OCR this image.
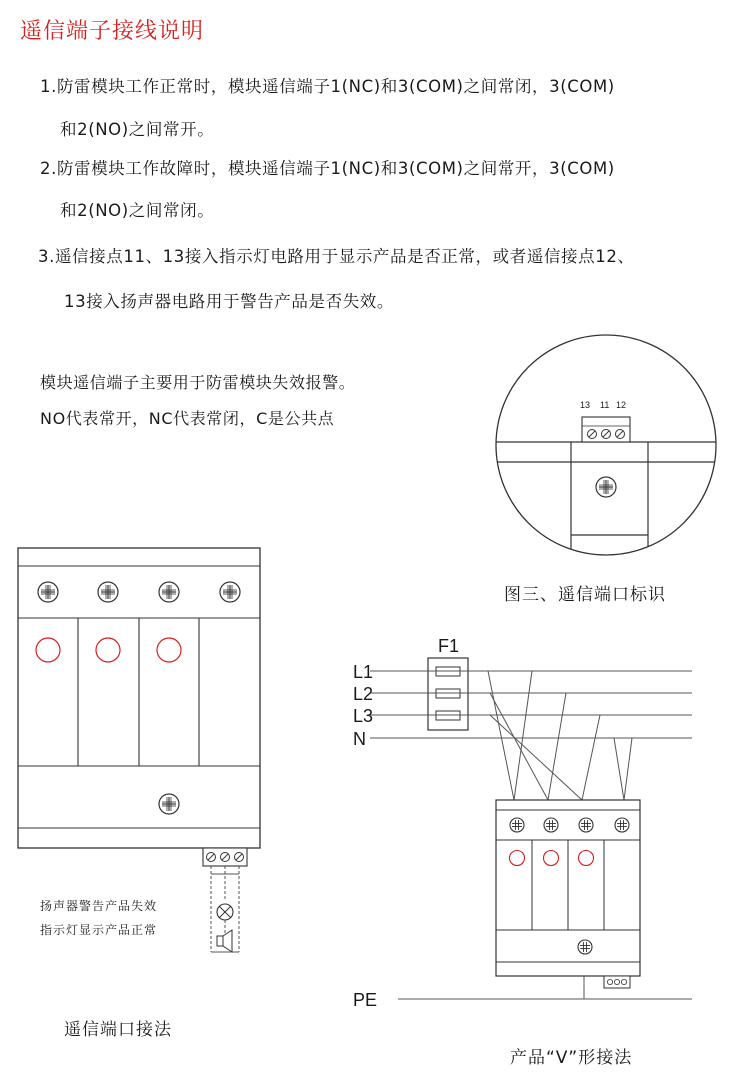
遥信端子接线说明
1.防雷模块工作正常时，模块遥信端子1(NC)和3(COM)之间常闭，3(COM)
和2(NO)之间常开。
2.防雷模块工作故障时，模块遥信端子1(NC)和3(COM)之间常开，3(COM)
和2(NO)之间常闭。
3.遥信接点11、13接入指示灯电路用于显示产品是否正常，或者遥信接点12、
13接入扬声器电路用于警告产品是否失效。
模块遥信端子主要用于防雷模块失效报警。
NO代表常开，NC代表常闭，C是公共点
图三、遥信端口标识
遥信端口接法
产品“V”形接法
扬声器警告产品失效
指示灯显示产品正常
13 11 12
F1
L1
L2
L3
N
PE
